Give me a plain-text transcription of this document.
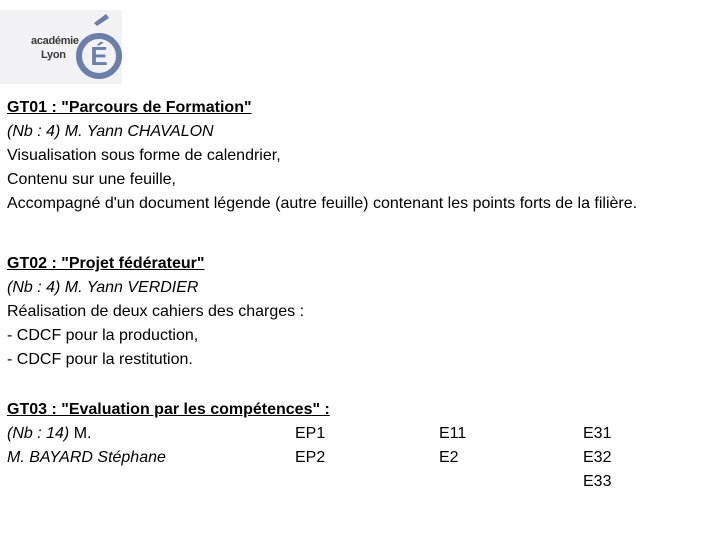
académie
Lyon É
GT01 : "Parcours de Formation"
(Nb : 4) M. Yann CHAVALON
Visualisation sous forme de calendrier,
Contenu sur une feuille,
Accompagné d'un document légende (autre feuille) contenant les points forts de la filière.
GT02 : "Projet fédérateur"
(Nb : 4) M. Yann VERDIER
Réalisation de deux cahiers des charges :
- CDCF pour la production,
- CDCF pour la restitution.
GT03 : "Evaluation par les compétences" :
(Nb : 14) M.
M. BAYARD Stéphane
EP1
EP2
E11
E2
E31
E32
E33
